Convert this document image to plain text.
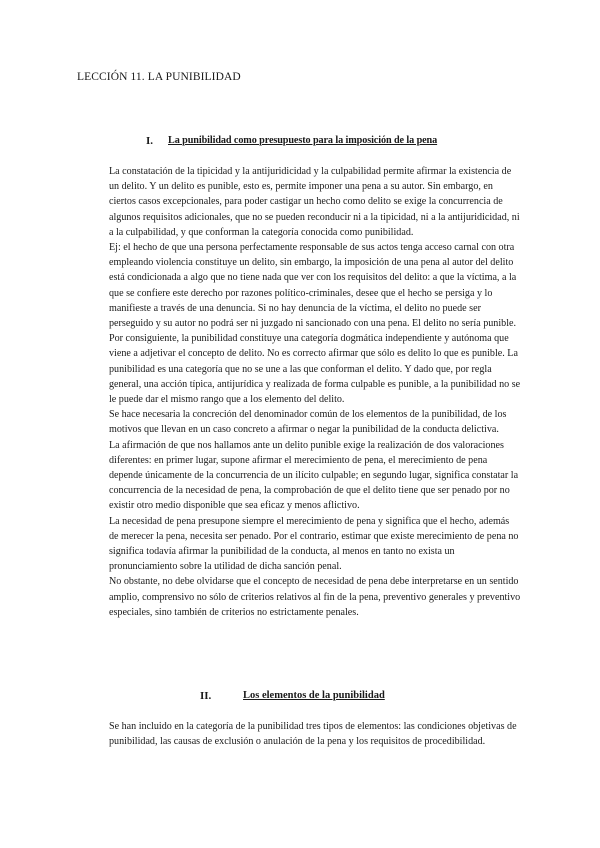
LECCIÓN 11. LA PUNIBILIDAD
I. La punibilidad como presupuesto para la imposición de la pena

La constatación de la tipicidad y la antijuridicidad y la culpabilidad permite afirmar la existencia de un delito. Y un delito es punible, esto es, permite imponer una pena a su autor. Sin embargo, en ciertos casos excepcionales, para poder castigar un hecho como delito se exige la concurrencia de algunos requisitos adicionales, que no se pueden reconducir ni a la tipicidad, ni a la antijuridicidad, ni a la culpabilidad, y que conforman la categoría conocida como punibilidad.

Ej: el hecho de que una persona perfectamente responsable de sus actos tenga acceso carnal con otra empleando violencia constituye un delito, sin embargo, la imposición de una pena al autor del delito está condicionada a algo que no tiene nada que ver con los requisitos del delito: a que la víctima, a la que se confiere este derecho por razones político-criminales, desee que el hecho se persiga y lo manifieste a través de una denuncia. Si no hay denuncia de la víctima, el delito no puede ser perseguido y su autor no podrá ser ni juzgado ni sancionado con una pena. El delito no sería punible.

Por consiguiente, la punibilidad constituye una categoría dogmática independiente y autónoma que viene a adjetivar el concepto de delito. No es correcto afirmar que sólo es delito lo que es punible. La punibilidad es una categoría que no se une a las que conforman el delito. Y dado que, por regla general, una acción típica, antijurídica y realizada de forma culpable es punible, a la punibilidad no se le puede dar el mismo rango que a los elemento del delito.

Se hace necesaria la concreción del denominador común de los elementos de la punibilidad, de los motivos que llevan en un caso concreto a afirmar o negar la punibilidad de la conducta delictiva.

La afirmación de que nos hallamos ante un delito punible exige la realización de dos valoraciones diferentes: en primer lugar, supone afirmar el merecimiento de pena, el merecimiento de pena depende únicamente de la concurrencia de un ilícito culpable; en segundo lugar, significa constatar la concurrencia de la necesidad de pena, la comprobación de que el delito tiene que ser penado por no existir otro medio disponible que sea eficaz y menos aflictivo.

La necesidad de pena presupone siempre el merecimiento de pena y significa que el hecho, además de merecer la pena, necesita ser penado. Por el contrario, estimar que existe merecimiento de pena no significa todavía afirmar la punibilidad de la conducta, al menos en tanto no exista un pronunciamiento sobre la utilidad de dicha sanción penal.

No obstante, no debe olvidarse que el concepto de necesidad de pena debe interpretarse en un sentido amplio, comprensivo no sólo de criterios relativos al fin de la pena, preventivo generales y preventivo especiales, sino también de criterios no estrictamente penales.

II.	Los elementos de la punibilidad

Se han incluido en la categoría de la punibilidad tres tipos de elementos: las condiciones objetivas de punibilidad, las causas de exclusión o anulación de la pena y los requisitos de procedibilidad.
